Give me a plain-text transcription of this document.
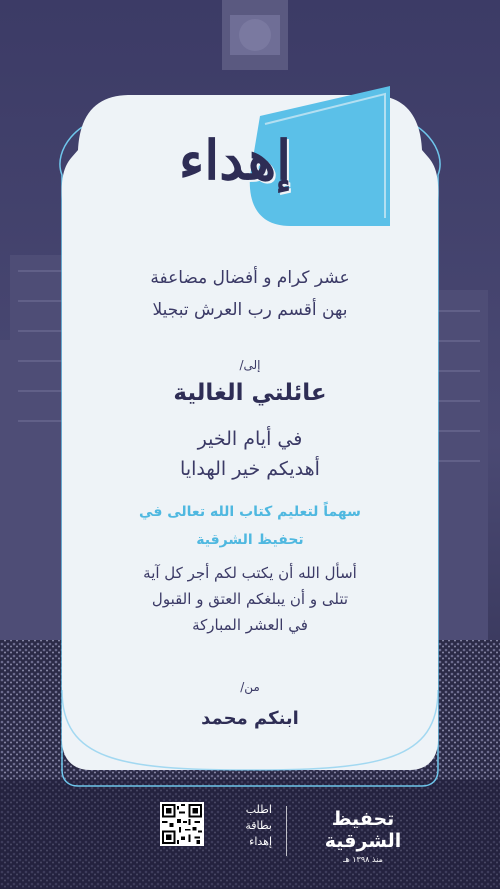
إهداء
عشر كرام و أفضال مضاعفة
بهن أقسم رب العرش تبجيلا
إلى/
عائلتي الغالية
في أيام الخير
أهديكم خير الهدايا
سهماً لتعليم كتاب الله تعالى في
تحفيظ الشرقية
أسأل الله أن يكتب لكم أجر كل آية
تتلى و أن يبلغكم العتق و القبول
في العشر المباركة
من/
ابنكم محمد
تحفيظ
الشرقية
منذ ١٣٩٨ هـ
اطلب
بطاقة
إهداء
